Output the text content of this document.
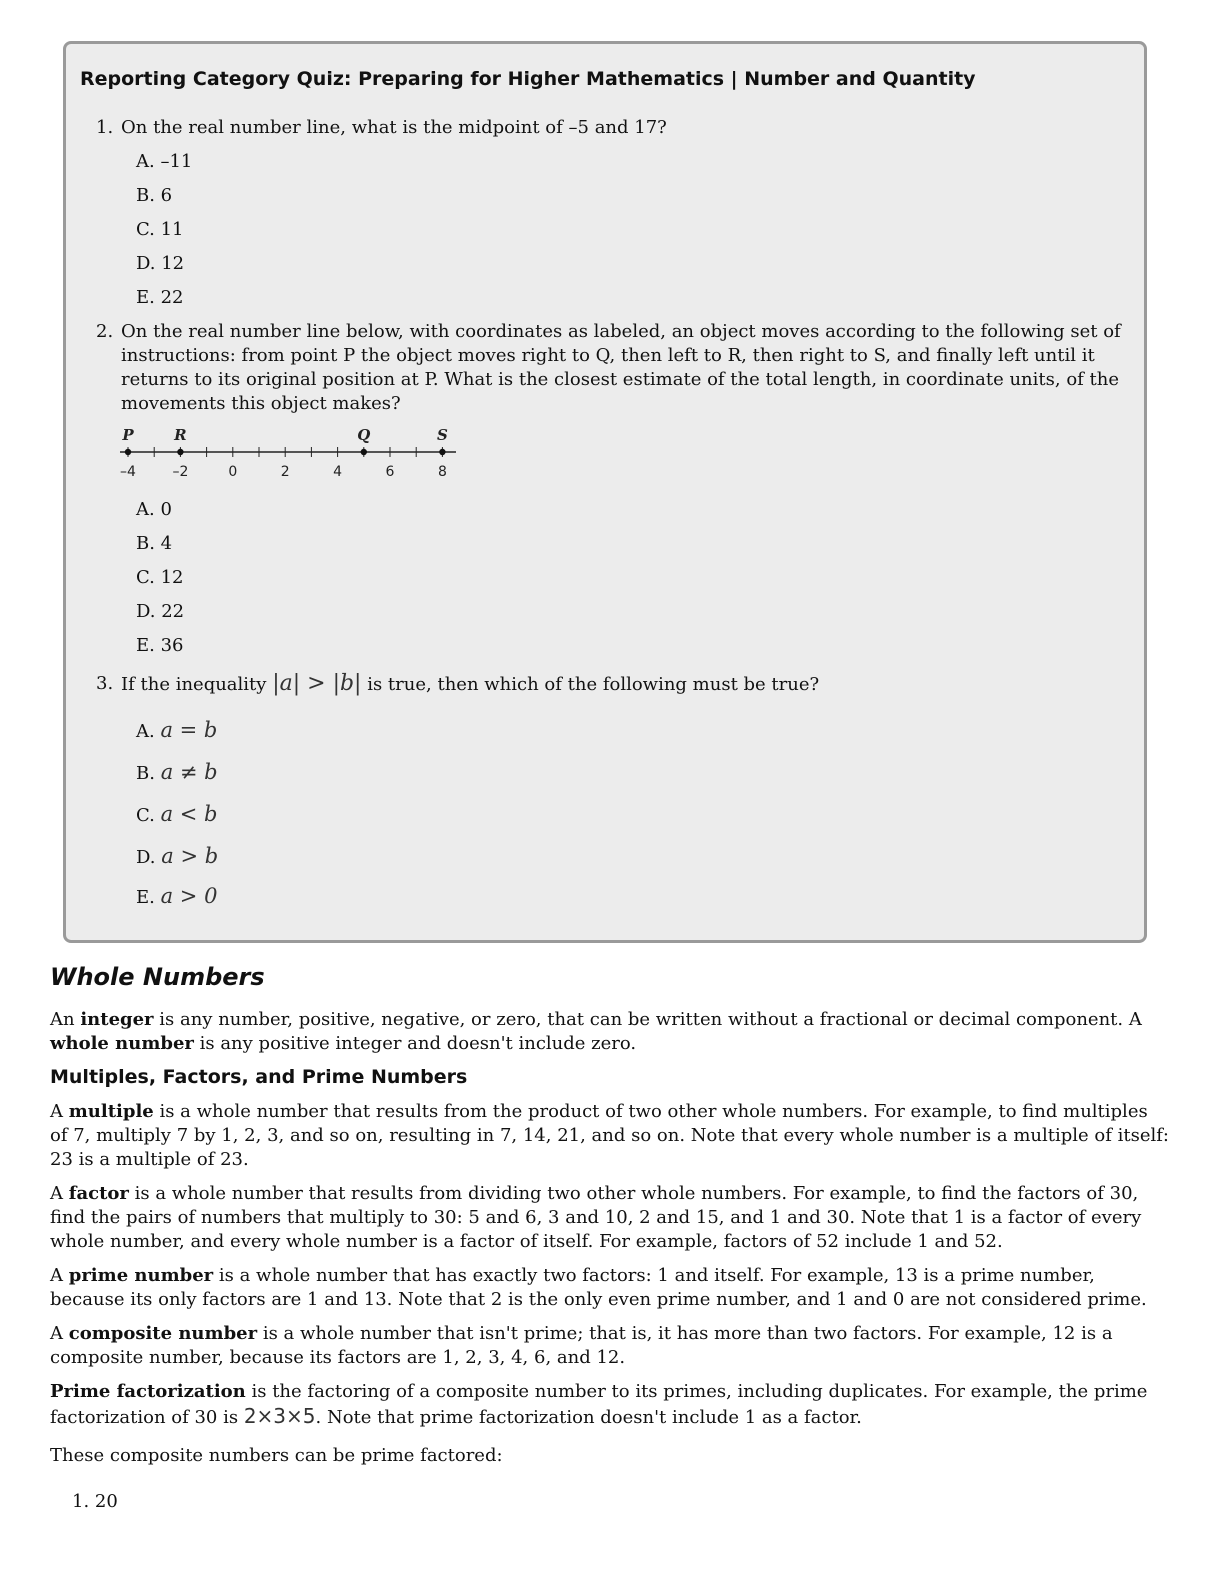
Reporting Category Quiz: Preparing for Higher Mathematics | Number and Quantity
1. On the real number line, what is the midpoint of –5 and 17?
A. –11
B. 6
C. 11
D. 12
E. 22
2. On the real number line below, with coordinates as labeled, an object moves according to the following set of instructions: from point P the object moves right to Q, then left to R, then right to S, and finally left until it returns to its original position at P. What is the closest estimate of the total length, in coordinate units, of the movements this object makes?
P	R	Q	S
–4	–2	0	2	4	6	8
A. 0
B. 4
C. 12
D. 22
E. 36
3. If the inequality |a| > |b| is true, then which of the following must be true?
A. a = b
B. a ≠ b
C. a < b
D. a > b
E. a > 0
Whole Numbers
An integer is any number, positive, negative, or zero, that can be written without a fractional or decimal component. A whole number is any positive integer and doesn't include zero.
Multiples, Factors, and Prime Numbers
A multiple is a whole number that results from the product of two other whole numbers. For example, to find multiples of 7, multiply 7 by 1, 2, 3, and so on, resulting in 7, 14, 21, and so on. Note that every whole number is a multiple of itself: 23 is a multiple of 23.
A factor is a whole number that results from dividing two other whole numbers. For example, to find the factors of 30, find the pairs of numbers that multiply to 30: 5 and 6, 3 and 10, 2 and 15, and 1 and 30. Note that 1 is a factor of every whole number, and every whole number is a factor of itself. For example, factors of 52 include 1 and 52.
A prime number is a whole number that has exactly two factors: 1 and itself. For example, 13 is a prime number, because its only factors are 1 and 13. Note that 2 is the only even prime number, and 1 and 0 are not considered prime.
A composite number is a whole number that isn't prime; that is, it has more than two factors. For example, 12 is a composite number, because its factors are 1, 2, 3, 4, 6, and 12.
Prime factorization is the factoring of a composite number to its primes, including duplicates. For example, the prime factorization of 30 is 2×3×5. Note that prime factorization doesn't include 1 as a factor.
These composite numbers can be prime factored:
1. 20
